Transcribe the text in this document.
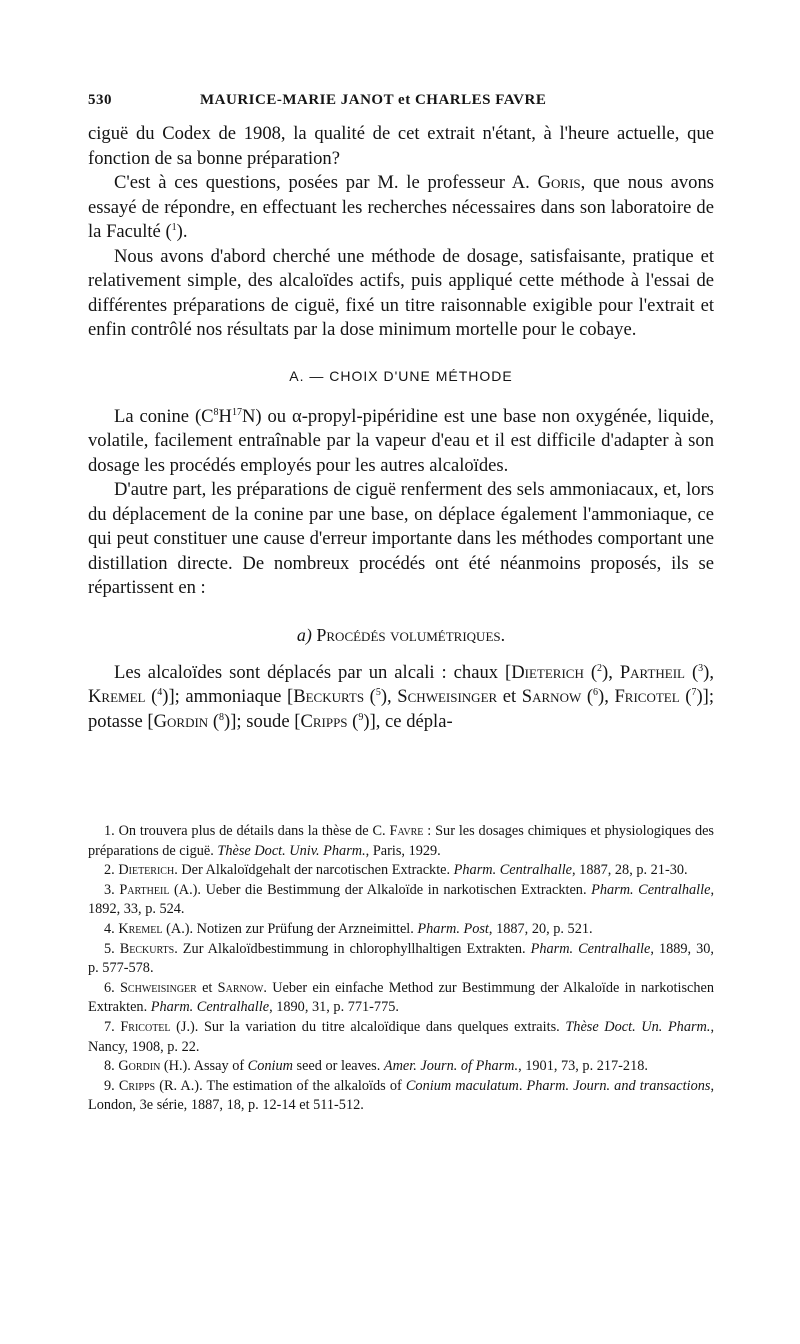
530	MAURICE-MARIE JANOT et CHARLES FAVRE

ciguë du Codex de 1908, la qualité de cet extrait n'étant, à l'heure actuelle, que fonction de sa bonne préparation?

C'est à ces questions, posées par M. le professeur A. Goris, que nous avons essayé de répondre, en effectuant les recherches nécessaires dans son laboratoire de la Faculté ($^1$).

Nous avons d'abord cherché une méthode de dosage, satisfaisante, pratique et relativement simple, des alcaloïdes actifs, puis appliqué cette méthode à l'essai de différentes préparations de ciguë, fixé un titre raisonnable exigible pour l'extrait et enfin contrôlé nos résultats par la dose minimum mortelle pour le cobaye.

A. — CHOIX D'UNE MÉTHODE

La conine $(C^8H^{17}N)$ ou α-propyl-pipéridine est une base non oxygénée, liquide, volatile, facilement entraînable par la vapeur d'eau et il est difficile d'adapter à son dosage les procédés employés pour les autres alcaloïdes.

D'autre part, les préparations de ciguë renferment des sels ammoniacaux, et, lors du déplacement de la conine par une base, on déplace également l'ammoniaque, ce qui peut constituer une cause d'erreur importante dans les méthodes comportant une distillation directe. De nombreux procédés ont été néanmoins proposés, ils se répartissent en :

a) Procédés volumétriques.

Les alcaloïdes sont déplacés par un alcali : chaux [Dieterich ($^2$), Partheil ($^3$), Kremel ($^4$)]; ammoniaque [Beckurts ($^5$), Schweisinger et Sarnow ($^6$), Fricotel ($^7$)]; potasse [Gordin ($^8$)]; soude [Cripps ($^9$)], ce dépla-

1. On trouvera plus de détails dans la thèse de C. Favre : Sur les dosages chimiques et physiologiques des préparations de ciguë. Thèse Doct. Univ. Pharm., Paris, 1929.

2. Dieterich. Der Alkaloïdgehalt der narcotischen Extrackte. Pharm. Centralhalle, 1887, 28, p. 21-30.

3. Partheil (A.). Ueber die Bestimmung der Alkaloïde in narkotischen Extrackten. Pharm. Centralhalle, 1892, 33, p. 524.

4. Kremel (A.). Notizen zur Prüfung der Arzneimittel. Pharm. Post, 1887, 20, p. 521.

5. Beckurts. Zur Alkaloïdbestimmung in chlorophyllhaltigen Extrakten. Pharm. Centralhalle, 1889, 30, p. 577-578.

6. Schweisinger et Sarnow. Ueber ein einfache Method zur Bestimmung der Alkaloïde in narkotischen Extrakten. Pharm. Centralhalle, 1890, 31, p. 771-775.

7. Fricotel (J.). Sur la variation du titre alcaloïdique dans quelques extraits. Thèse Doct. Un. Pharm., Nancy, 1908, p. 22.

8. Gordin (H.). Assay of Conium seed or leaves. Amer. Journ. of Pharm., 1901, 73, p. 217-218.

9. Cripps (R. A.). The estimation of the alkaloïds of Conium maculatum. Pharm. Journ. and transactions, London, 3e série, 1887, 18, p. 12-14 et 511-512.
